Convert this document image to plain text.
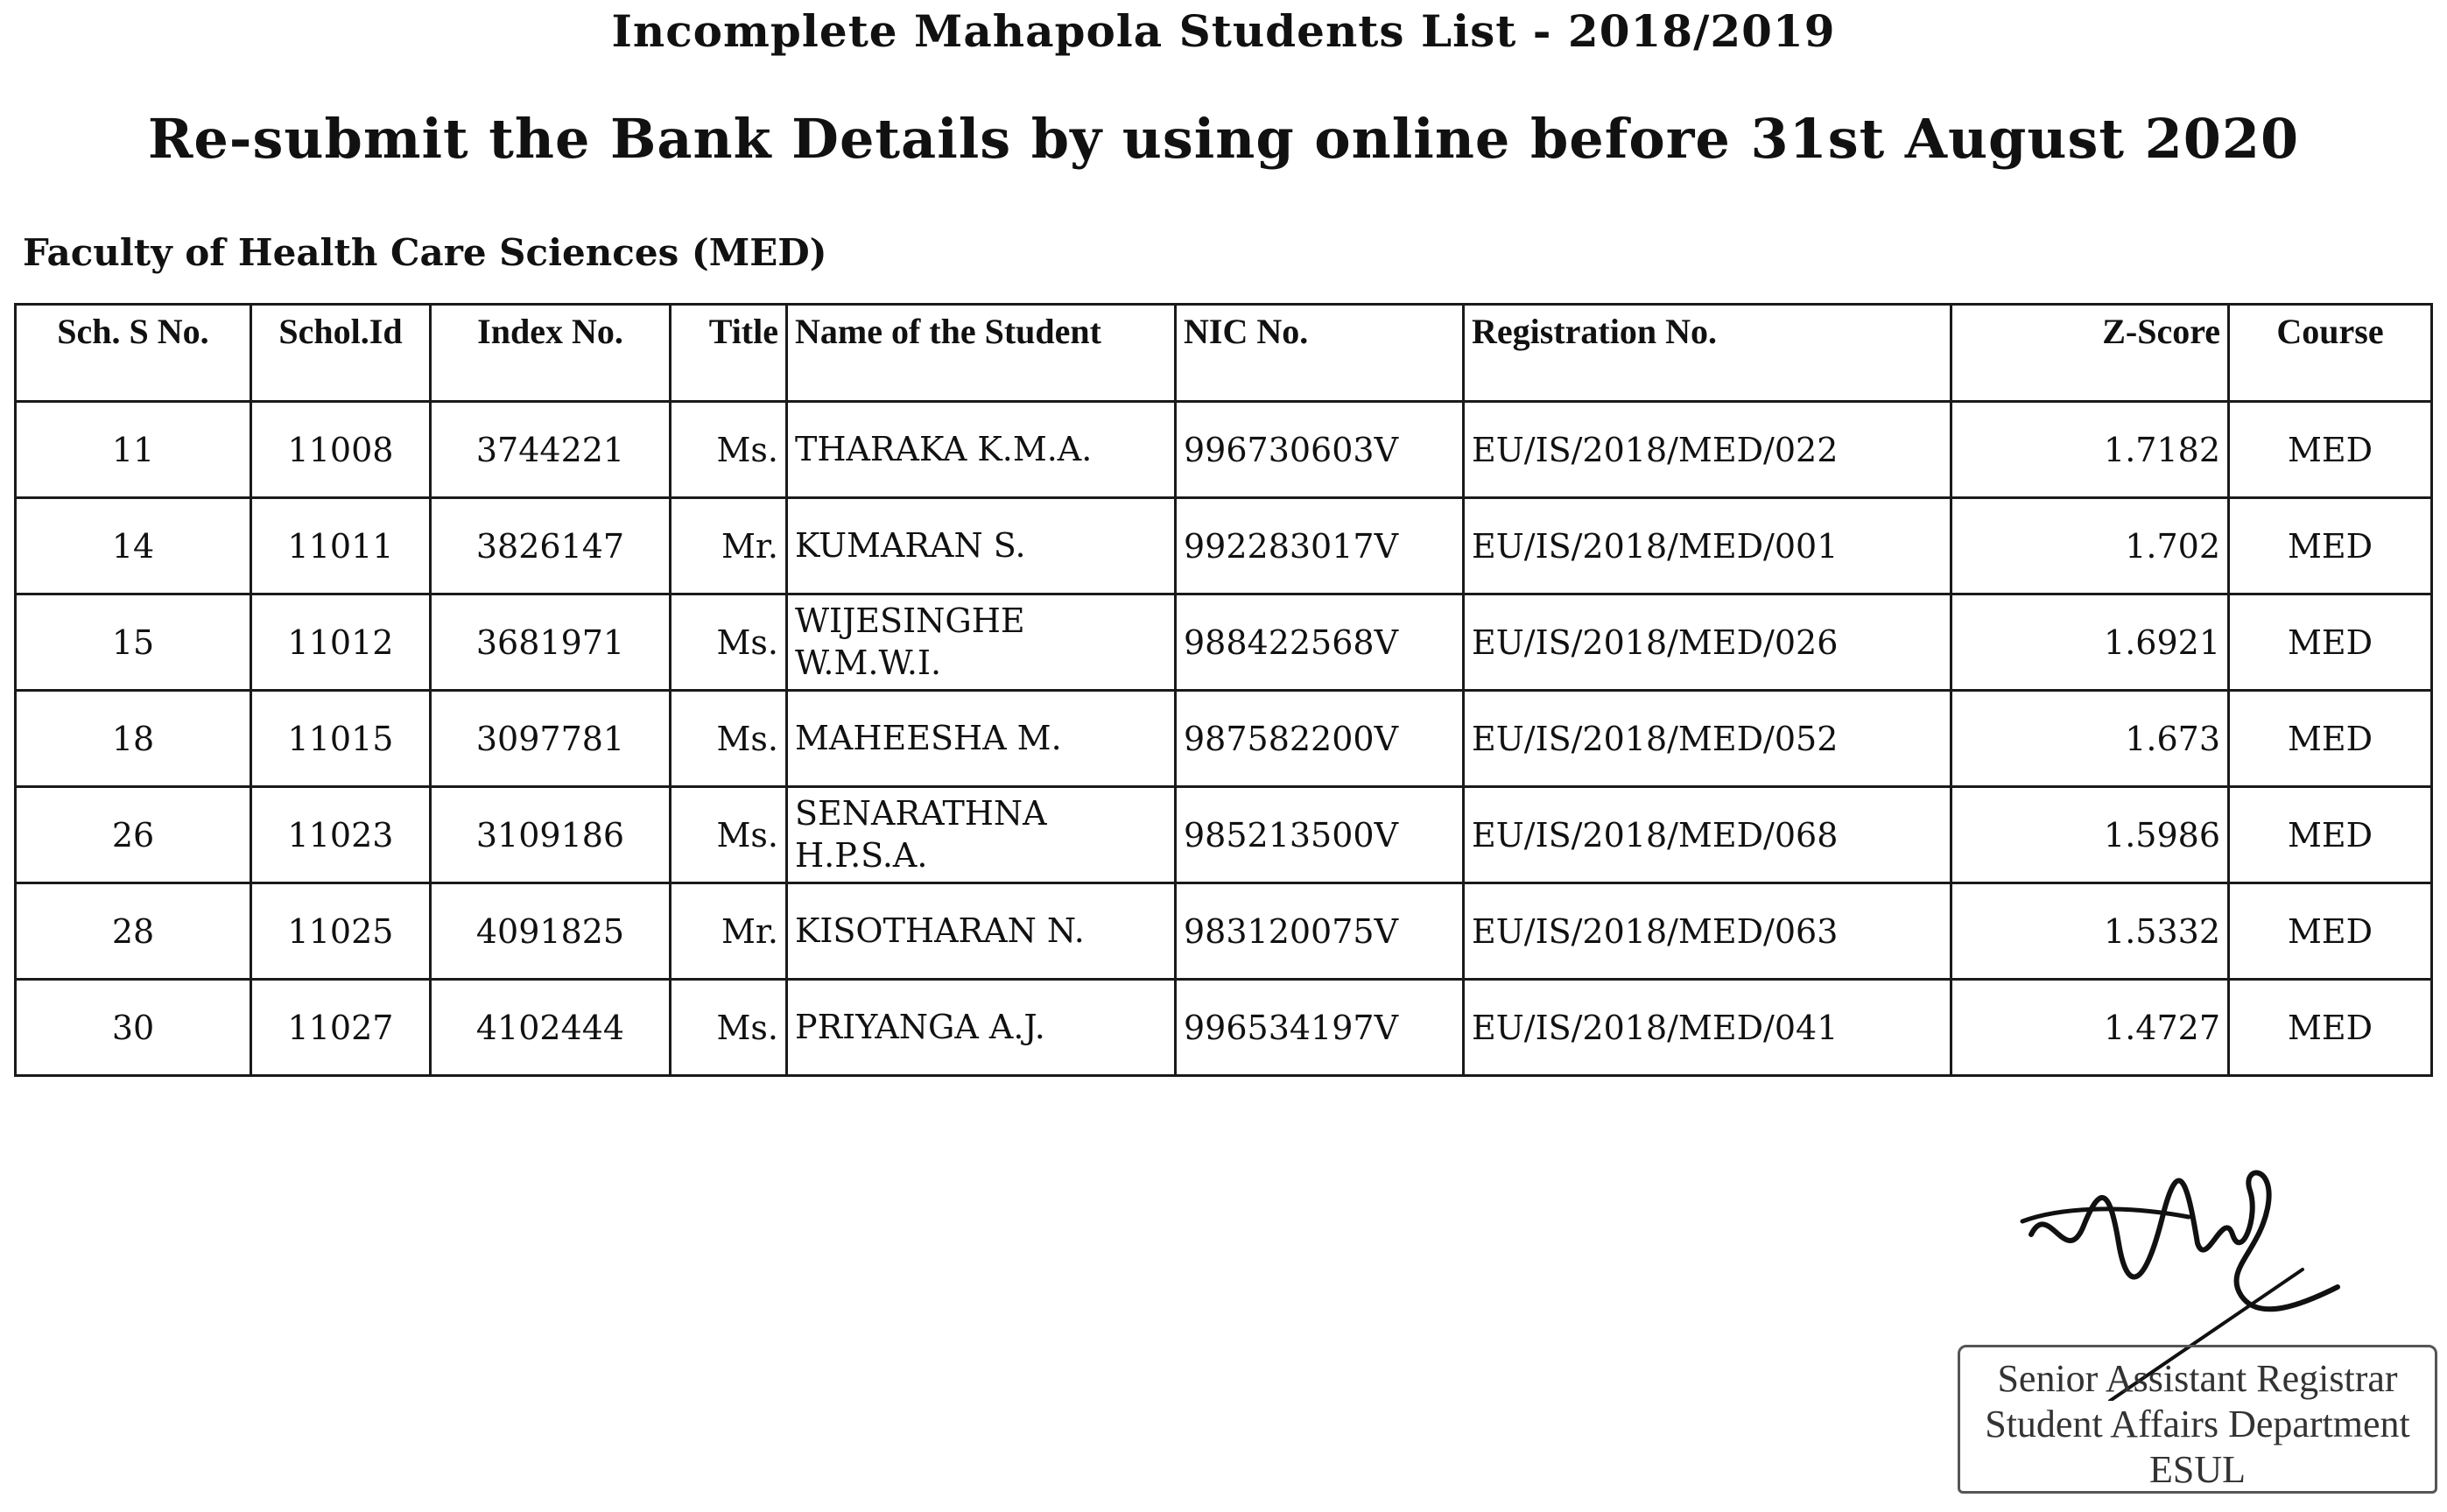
Incomplete Mahapola Students List - 2018/2019
Re-submit the Bank Details by using online before 31st August 2020
Faculty of Health Care Sciences (MED)
Sch. S No.	Schol.Id	Index No.	Title	Name of the Student	NIC No.	Registration No.	Z-Score	Course
11	11008	3744221	Ms.	THARAKA K.M.A.	996730603V	EU/IS/2018/MED/022	1.7182	MED
14	11011	3826147	Mr.	KUMARAN S.	992283017V	EU/IS/2018/MED/001	1.702	MED
15	11012	3681971	Ms.	WIJESINGHE W.M.W.I.	988422568V	EU/IS/2018/MED/026	1.6921	MED
18	11015	3097781	Ms.	MAHEESHA M.	987582200V	EU/IS/2018/MED/052	1.673	MED
26	11023	3109186	Ms.	SENARATHNA H.P.S.A.	985213500V	EU/IS/2018/MED/068	1.5986	MED
28	11025	4091825	Mr.	KISOTHARAN N.	983120075V	EU/IS/2018/MED/063	1.5332	MED
30	11027	4102444	Ms.	PRIYANGA A.J.	996534197V	EU/IS/2018/MED/041	1.4727	MED
Senior Assistant Registrar
Student Affairs Department
ESUL
